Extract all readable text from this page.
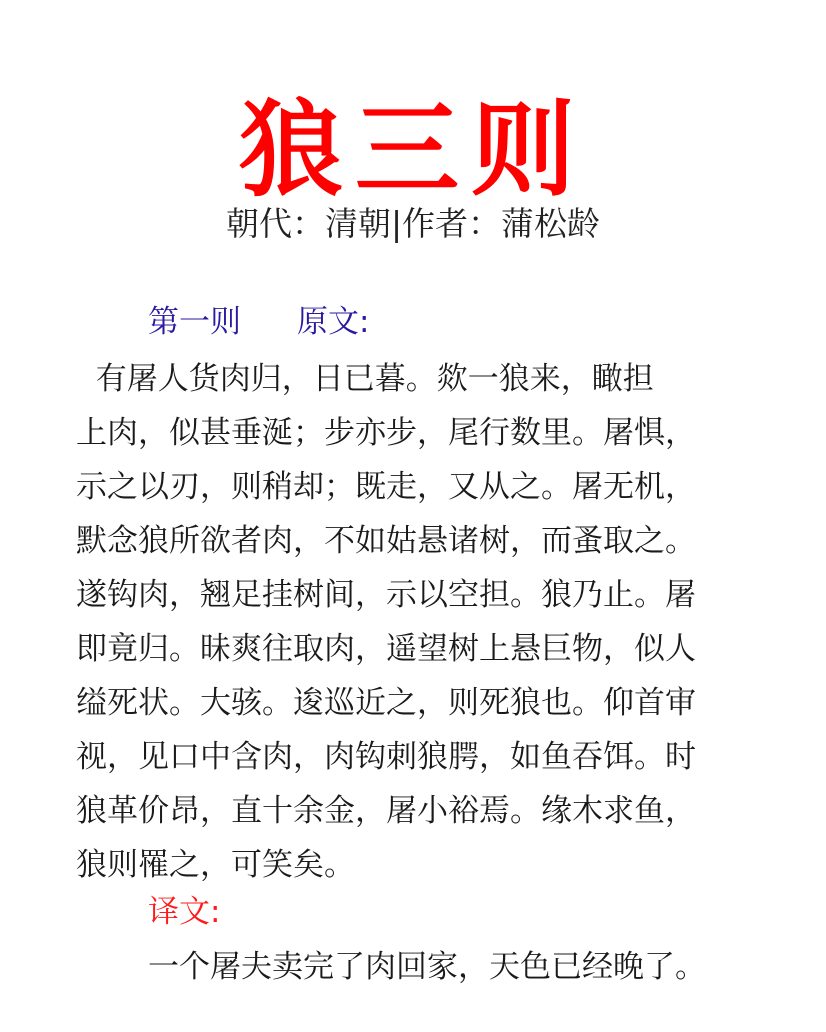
狼三则
朝代：清朝|作者：蒲松龄
第一则 原文:
有屠人货肉归，日已暮。欻一狼来，瞰担
上肉，似甚垂涎；步亦步，尾行数里。屠惧，
示之以刃，则稍却；既走，又从之。屠无机，
默念狼所欲者肉，不如姑悬诸树，而蚤取之。
遂钩肉，翘足挂树间，示以空担。狼乃止。屠
即竟归。昧爽往取肉，遥望树上悬巨物，似人
缢死状。大骇。逡巡近之，则死狼也。仰首审
视，见口中含肉，肉钩刺狼腭，如鱼吞饵。时
狼革价昂，直十余金，屠小裕焉。缘木求鱼，
狼则罹之，可笑矣。
译文:
一个屠夫卖完了肉回家，天色已经晚了。
